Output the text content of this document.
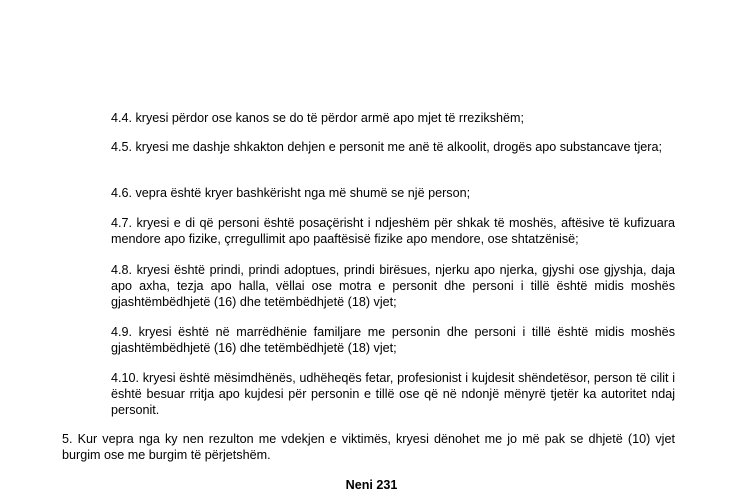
4.4. kryesi përdor ose kanos se do të përdor armë apo mjet të rrezikshëm;

4.5. kryesi me dashje shkakton dehjen e personit me anë të alkoolit, drogës apo substancave tjera;

4.6. vepra është kryer bashkërisht nga më shumë se një person;

4.7. kryesi e di që personi është posaçërisht i ndjeshëm për shkak të moshës, aftësive të kufizuara mendore apo fizike, çrregullimit apo paaftësisë fizike apo mendore, ose shtatzënisë;

4.8. kryesi është prindi, prindi adoptues, prindi birësues, njerku apo njerka, gjyshi ose gjyshja, daja apo axha, tezja apo halla, vëllai ose motra e personit dhe personi i tillë është midis moshës gjashtëmbëdhjetë (16) dhe tetëmbëdhjetë (18) vjet;

4.9. kryesi është në marrëdhënie familjare me personin dhe personi i tillë është midis moshës gjashtëmbëdhjetë (16) dhe tetëmbëdhjetë (18) vjet;

4.10. kryesi është mësimdhënës, udhëheqës fetar, profesionist i kujdesit shëndetësor, person të cilit i është besuar rritja apo kujdesi për personin e tillë ose që në ndonjë mënyrë tjetër ka autoritet ndaj personit.

5. Kur vepra nga ky nen rezulton me vdekjen e viktimës, kryesi dënohet me jo më pak se dhjetë (10) vjet burgim ose me burgim të përjetshëm.

Neni 231
